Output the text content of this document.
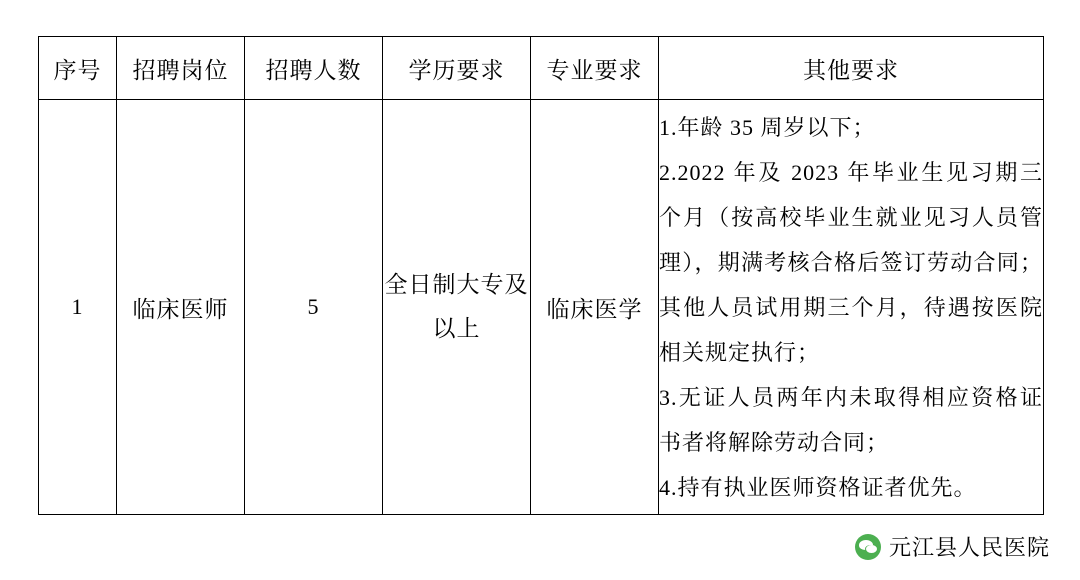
序号	招聘岗位	招聘人数	学历要求	专业要求	其他要求
1	临床医师	5	全日制大专及以上	临床医学	
1.年龄 35 周岁以下；
2.2022 年及 2023 年毕业生见习期三个月（按高校毕业生就业见习人员管理），期满考核合格后签订劳动合同；其他人员试用期三个月，待遇按医院相关规定执行；
3.无证人员两年内未取得相应资格证书者将解除劳动合同；
4.持有执业医师资格证者优先。
元江县人民医院
